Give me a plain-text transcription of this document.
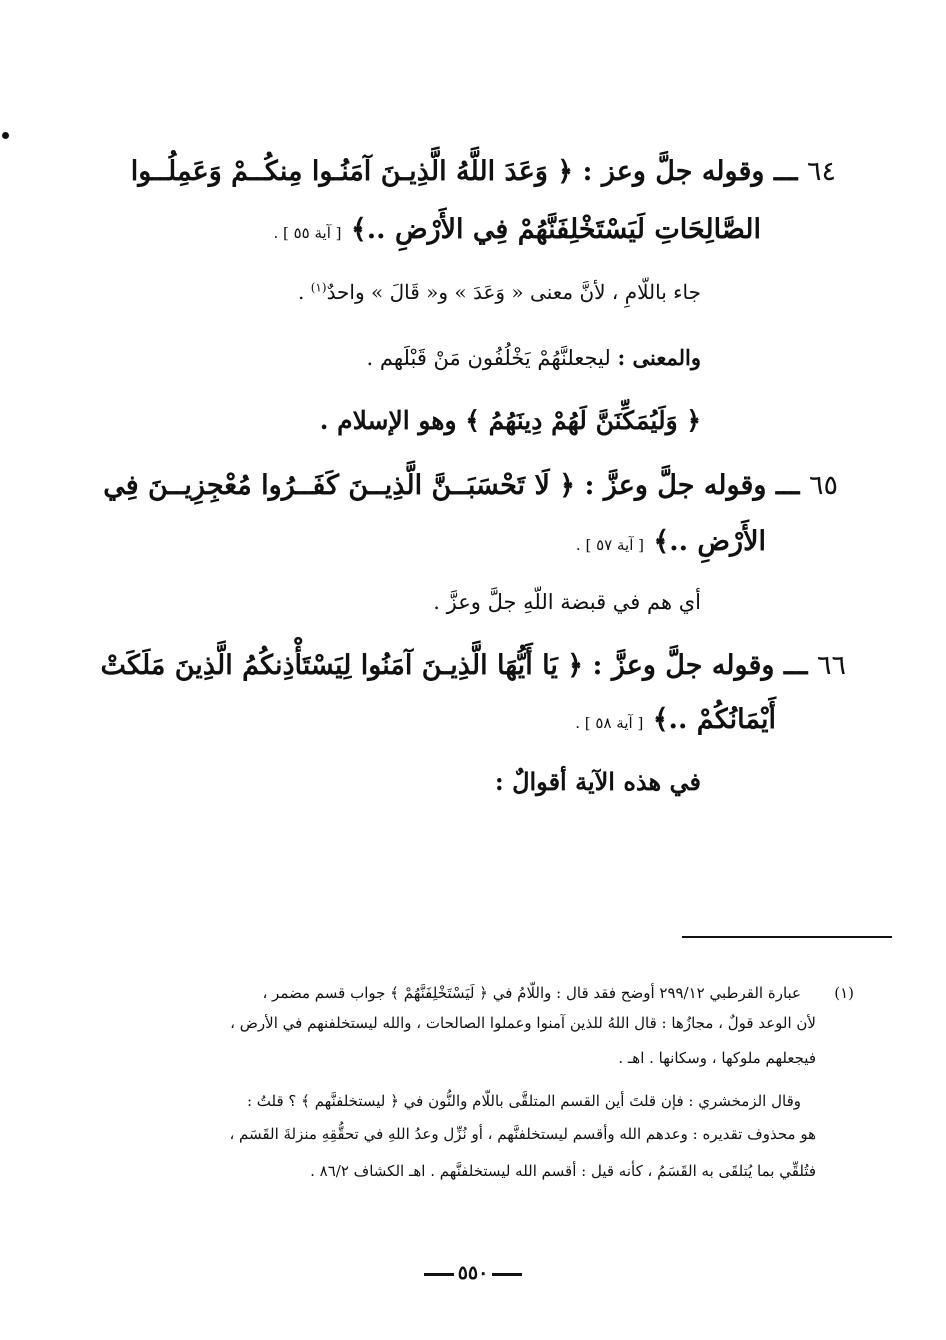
٦٤ ـــ وقوله جلَّ وعز : ﴿ وَعَدَ اللَّهُ الَّذِيـنَ آمَنُـوا مِنكُــمْ وَعَمِلُــوا

الصَّالِحَاتِ لَيَسْتَخْلِفَنَّهُمْ فِي الأَرْضِ ..﴾ [ آية ٥٥ ] .

جاء باللّامِ ، لأنَّ معنى « وَعَدَ » و« قَالَ » واحدٌ$^{(١)}$ .

والمعنى : ليجعلنَّهُمْ يَخْلُفُون مَنْ قَبْلَهم .

﴿ وَلَيُمَكِّنَنَّ لَهُمْ دِينَهُمُ ﴾ وهو الإسلام .

٦٥ ـــ وقوله جلَّ وعزَّ : ﴿ لَا تَحْسَبَــنَّ الَّذِيــنَ كَفَــرُوا مُعْجِزِيــنَ فِي

الأَرْضِ ..﴾ [ آية ٥٧ ] .

أي هم في قبضة اللّهِ جلَّ وعزَّ .

٦٦ ـــ وقوله جلَّ وعزَّ : ﴿ يَا أَيُّهَا الَّذِيـنَ آمَنُوا لِيَسْتَأْذِنكُمُ الَّذِينَ مَلَكَتْ

أَيْمَانُكُمْ ..﴾ [ آية ٥٨ ] .

في هذه الآية أقوالٌ :

(١)

عبارة القرطبي ٢٩٩/١٢ أوضح فقد قال : واللّامُ في ﴿ لَيَسْتَخْلِفَنَّهُمْ ﴾ جواب قسم مضمر ،

لأن الوعد قولٌ ، مجازُها : قال اللهُ للذين آمنوا وعملوا الصالحات ، والله ليستخلفنهم في الأرض ،

فيجعلهم ملوكها ، وسكانها . اهـ .

وقال الزمخشري : فإن قلتَ أين القسم المتلقَّى باللّام والنُّون في ﴿ ليستخلفنَّهم ﴾ ؟ قلتُ :

هو محذوف تقديره : وعدهم الله وأقسم ليستخلفنَّهم ، أو نُزِّل وعدُ اللهِ في تحقُّقِهِ منزلةَ القَسَم ،

فتُلقِّي بما يُتلقَى به القَسَمُ ، كأنه قيل : أقسم الله ليستخلفنَّهم . اهـ الكشاف ٨٦/٢ .

٥٥٠
